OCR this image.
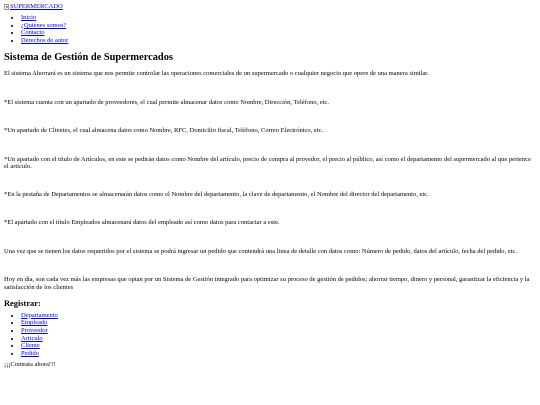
SUPERMERCADO
• Inicio
• ¿Quiénes somos?
• Contacto
• Derechos de autor
Sistema de Gestión de Supermercados

El sistema Ahorrará es un sistema que nos permite controlar las operaciones comerciales de un supermercado o cualquier negocio que opere de una manera similar.

*El sistema cuenta con un apartado de proveedores, el cual permite almacenar datos como Nombre, Dirección, Teléfono, etc.

*Un apartado de Clientes, el cual almacena datos como Nombre, RFC, Domicilio fiscal, Teléfono, Correo Electrónico, etc.

*Un apartado con el título de Artículos, en este se pedirán datos como Nombre del artículo, precio de compra al provedor, el precio al público, así como el departamento del supermercado al que pertence el artículo.

*En la pestaña de Departamentos se almacenarán datos como el Nombre del departamento, la clave de departamento, el Nombre del director del departamento, etc.

*El apartado con el título Empleados almacenará datos del empleado así como datos para contactar a este.

Una vez que se tienen los datos requeridos por el sistema se podrá ingresar un pedido que contendrá una linea de detalle con datos como: Número de pedido, datos del artículo, fecha del pedido, etc.

Hoy en día, son cada vez más las empresas que optan por un Sistema de Gestión integrado para optimizar su proceso de gestión de pedidos; ahorrar tiempo, dinero y personal, garantizar la eficiencia y la satisfacción de los clientes

Registrar:
• Departamento
• Empleado
• Proveedor
• Articulo
• Cliente
• Pedido

¡¡¡Contrata ahora!!!
